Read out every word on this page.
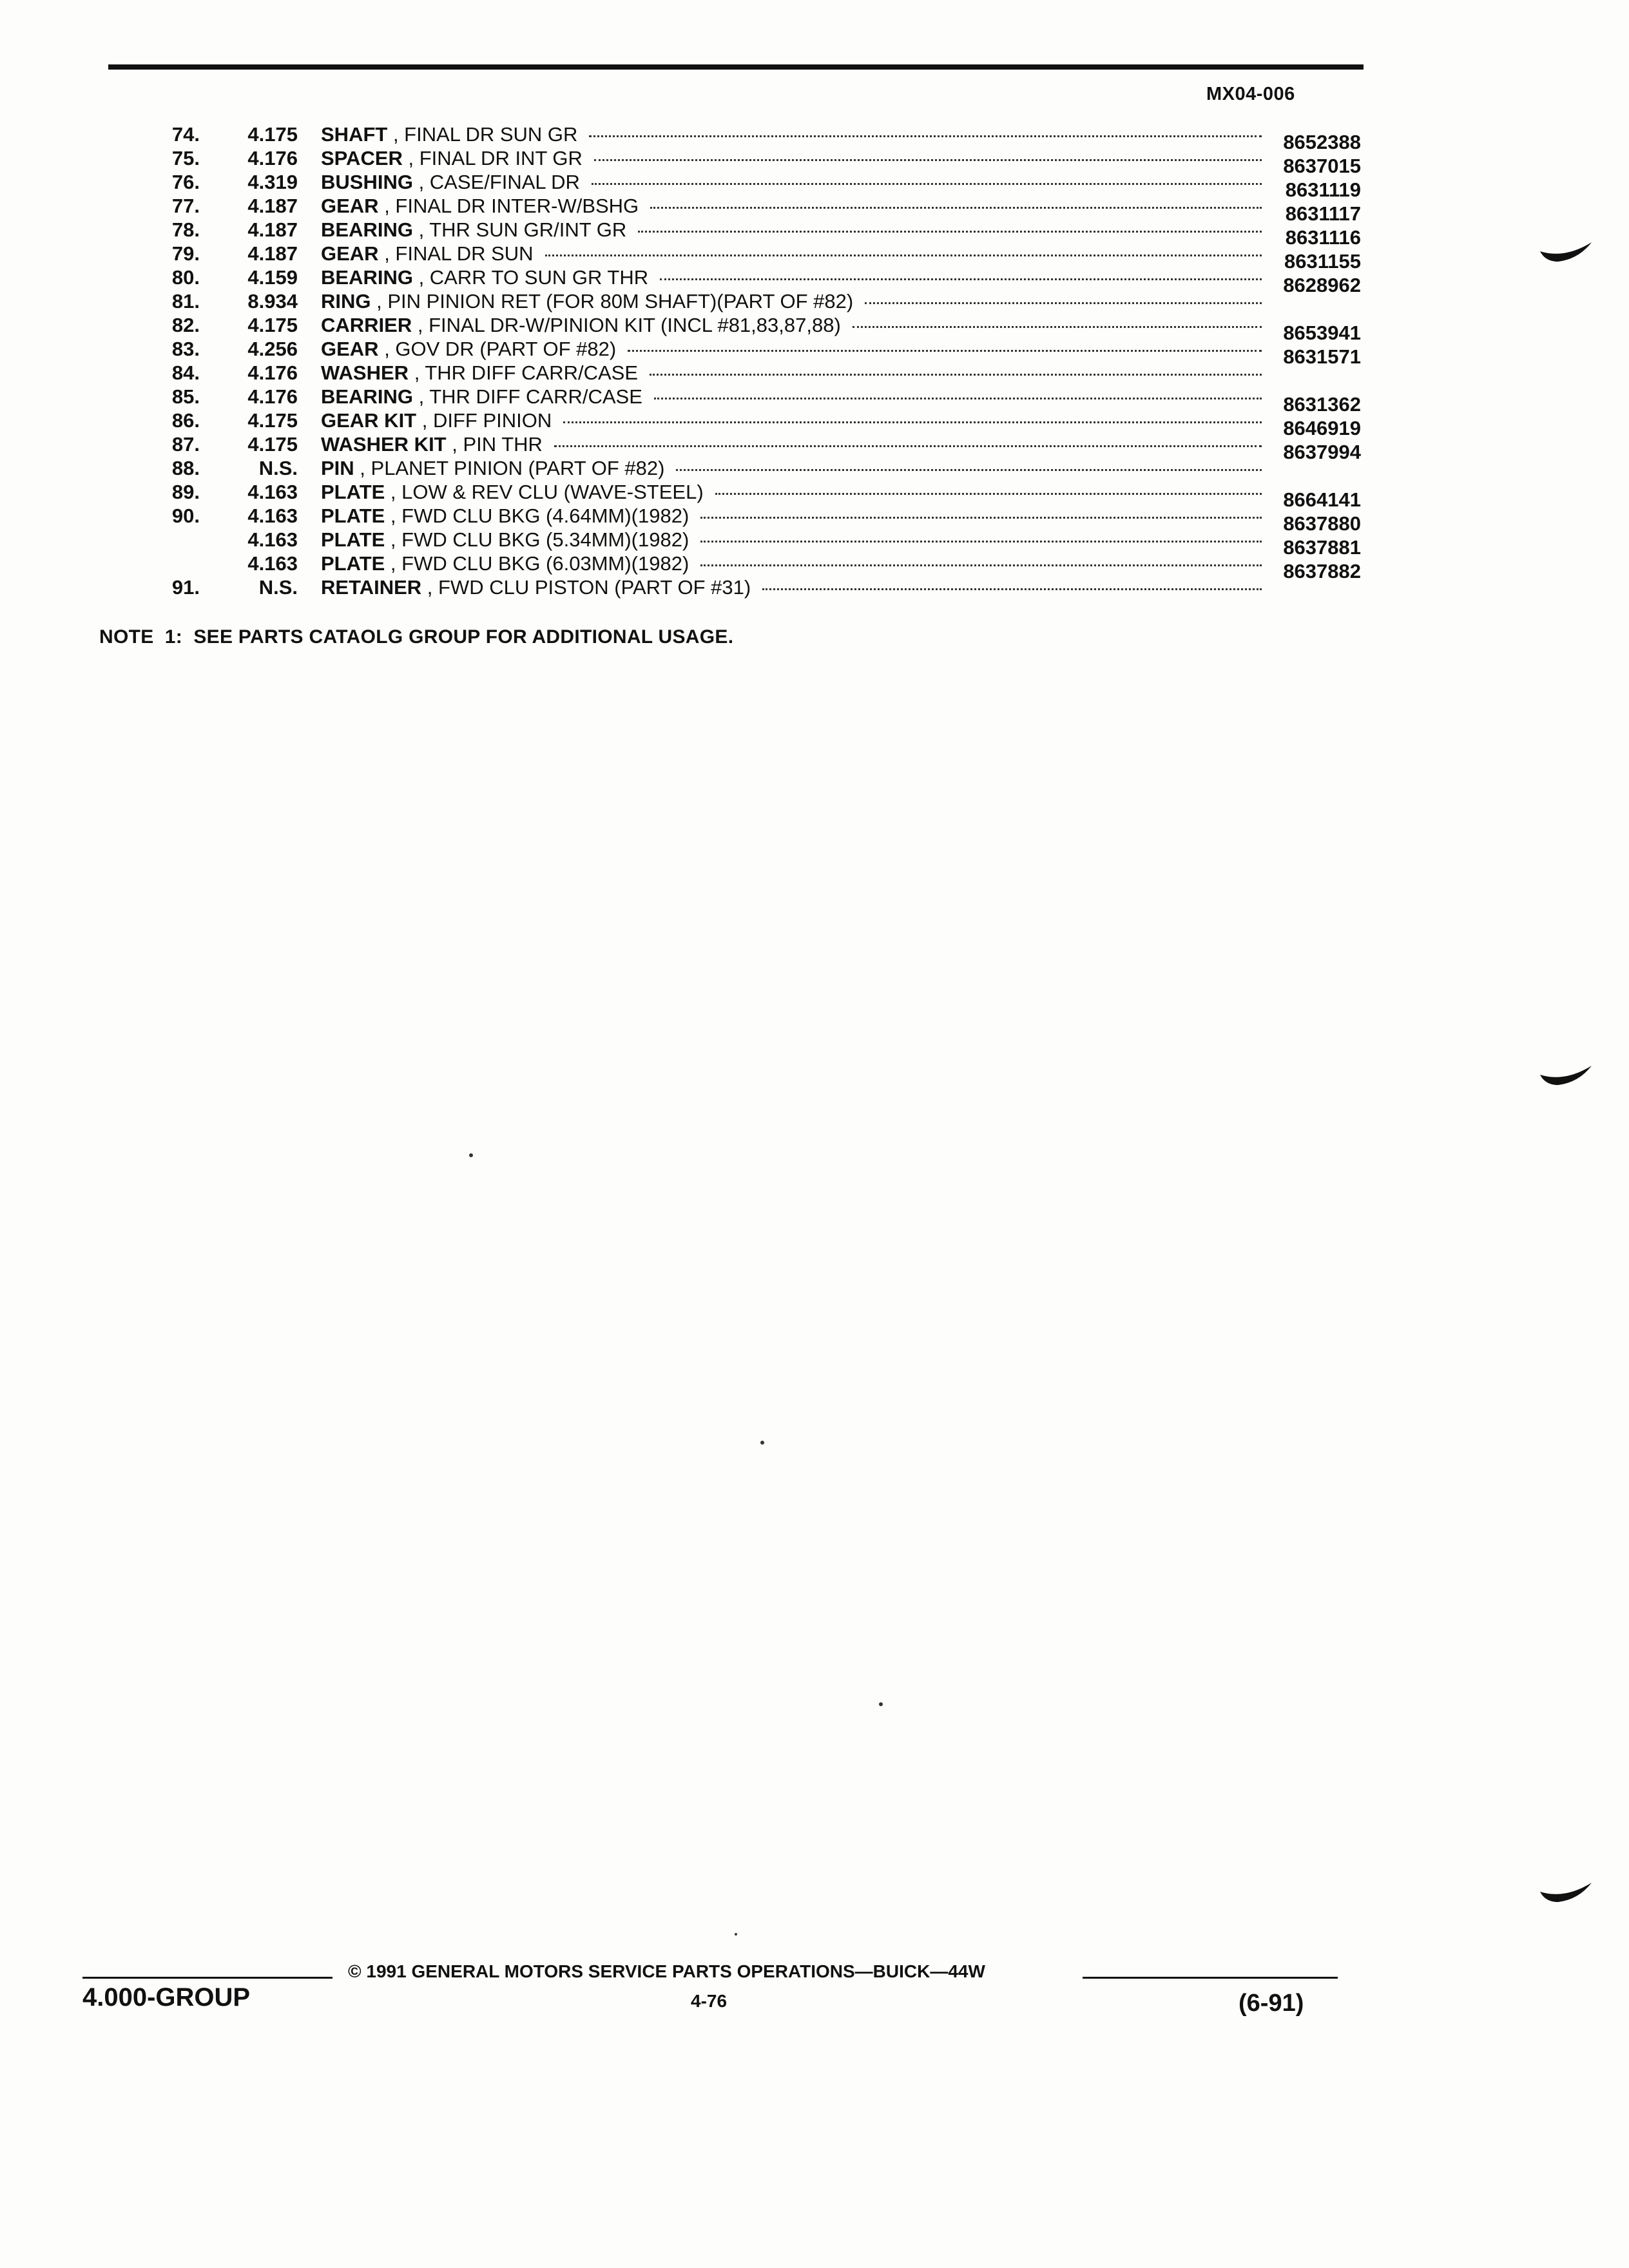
MX04-006
74.	4.175 SHAFT , FINAL DR SUN GR	8652388
75.	4.176 SPACER , FINAL DR INT GR	8637015
76.	4.319 BUSHING , CASE/FINAL DR	8631119
77.	4.187 GEAR , FINAL DR INTER-W/BSHG	8631117
78.	4.187 BEARING , THR SUN GR/INT GR	8631116
79.	4.187 GEAR , FINAL DR SUN	8631155
80.	4.159 BEARING , CARR TO SUN GR THR	8628962
81.	8.934 RING , PIN PINION RET (FOR 80M SHAFT)(PART OF #82)
82.	4.175 CARRIER , FINAL DR-W/PINION KIT (INCL #81,83,87,88)	8653941
83.	4.256 GEAR , GOV DR (PART OF #82)	8631571
84.	4.176 WASHER , THR DIFF CARR/CASE
85.	4.176 BEARING , THR DIFF CARR/CASE	8631362
86.	4.175 GEAR KIT , DIFF PINION	8646919
87.	4.175 WASHER KIT , PIN THR	8637994
88.	N.S. PIN , PLANET PINION (PART OF #82)
89.	4.163 PLATE , LOW & REV CLU (WAVE-STEEL)	8664141
90.	4.163 PLATE , FWD CLU BKG (4.64MM)(1982)	8637880
4.163 PLATE , FWD CLU BKG (5.34MM)(1982)	8637881
4.163 PLATE , FWD CLU BKG (6.03MM)(1982)	8637882
91.	N.S. RETAINER , FWD CLU PISTON (PART OF #31)
NOTE  1:  SEE PARTS CATAOLG GROUP FOR ADDITIONAL USAGE.
© 1991 GENERAL MOTORS SERVICE PARTS OPERATIONS—BUICK—44W
4.000-GROUP	4-76	(6-91)
